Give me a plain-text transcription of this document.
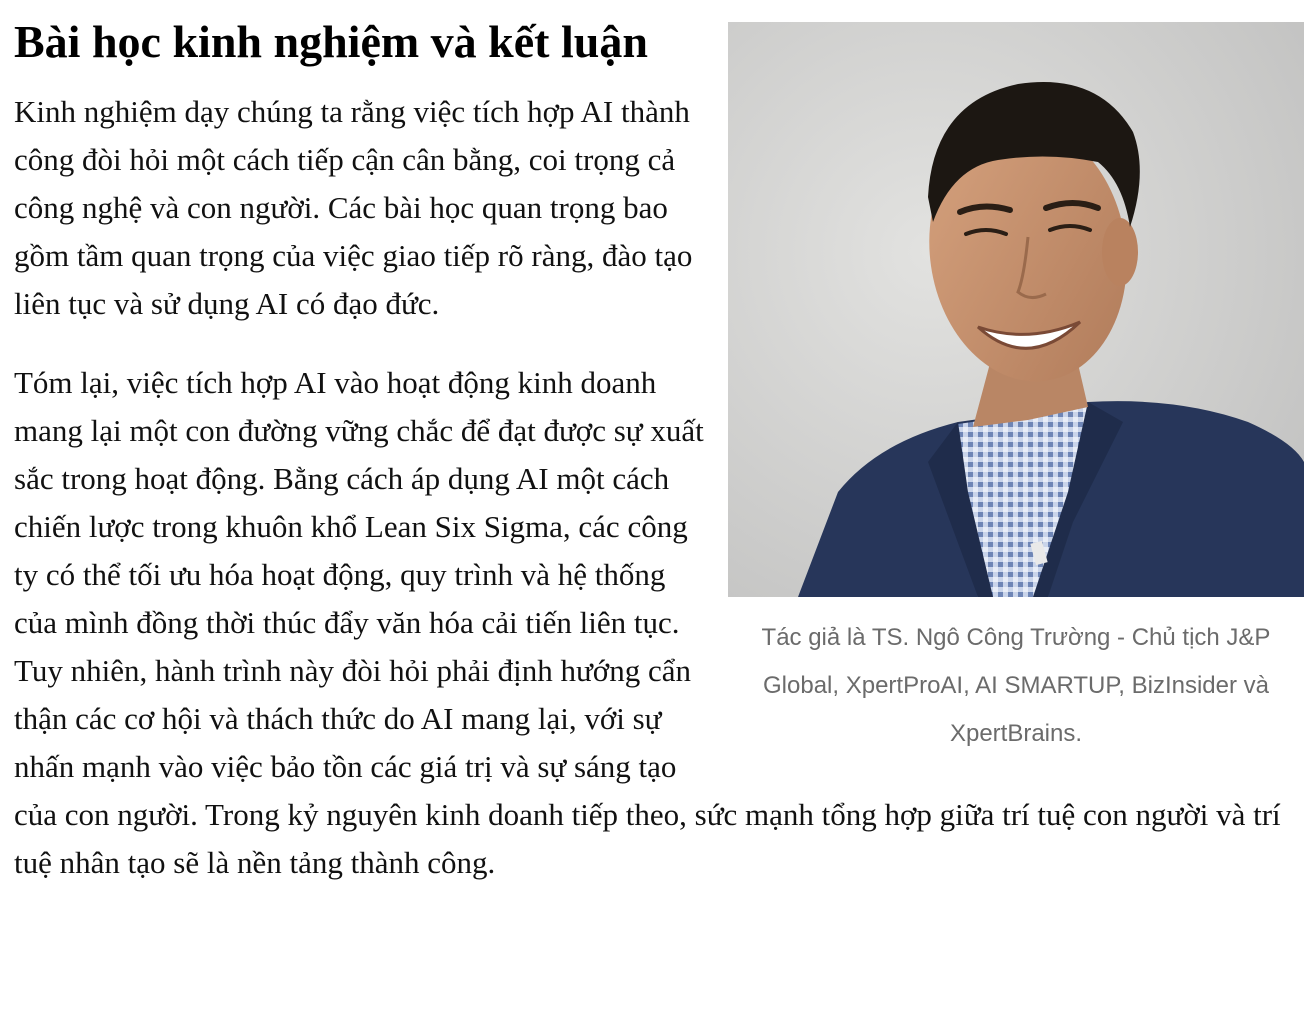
Tác giả là TS. Ngô Công Trường - Chủ tịch J&P Global, XpertProAI, AI SMARTUP, BizInsider và XpertBrains.
Bài học kinh nghiệm và kết luận

Kinh nghiệm dạy chúng ta rằng việc tích hợp AI thành công đòi hỏi một cách tiếp cận cân bằng, coi trọng cả công nghệ và con người. Các bài học quan trọng bao gồm tầm quan trọng của việc giao tiếp rõ ràng, đào tạo liên tục và sử dụng AI có đạo đức.

Tóm lại, việc tích hợp AI vào hoạt động kinh doanh mang lại một con đường vững chắc để đạt được sự xuất sắc trong hoạt động. Bằng cách áp dụng AI một cách chiến lược trong khuôn khổ Lean Six Sigma, các công ty có thể tối ưu hóa hoạt động, quy trình và hệ thống của mình đồng thời thúc đẩy văn hóa cải tiến liên tục. Tuy nhiên, hành trình này đòi hỏi phải định hướng cẩn thận các cơ hội và thách thức do AI mang lại, với sự nhấn mạnh vào việc bảo tồn các giá trị và sự sáng tạo của con người. Trong kỷ nguyên kinh doanh tiếp theo, sức mạnh tổng hợp giữa trí tuệ con người và trí tuệ nhân tạo sẽ là nền tảng thành công.
